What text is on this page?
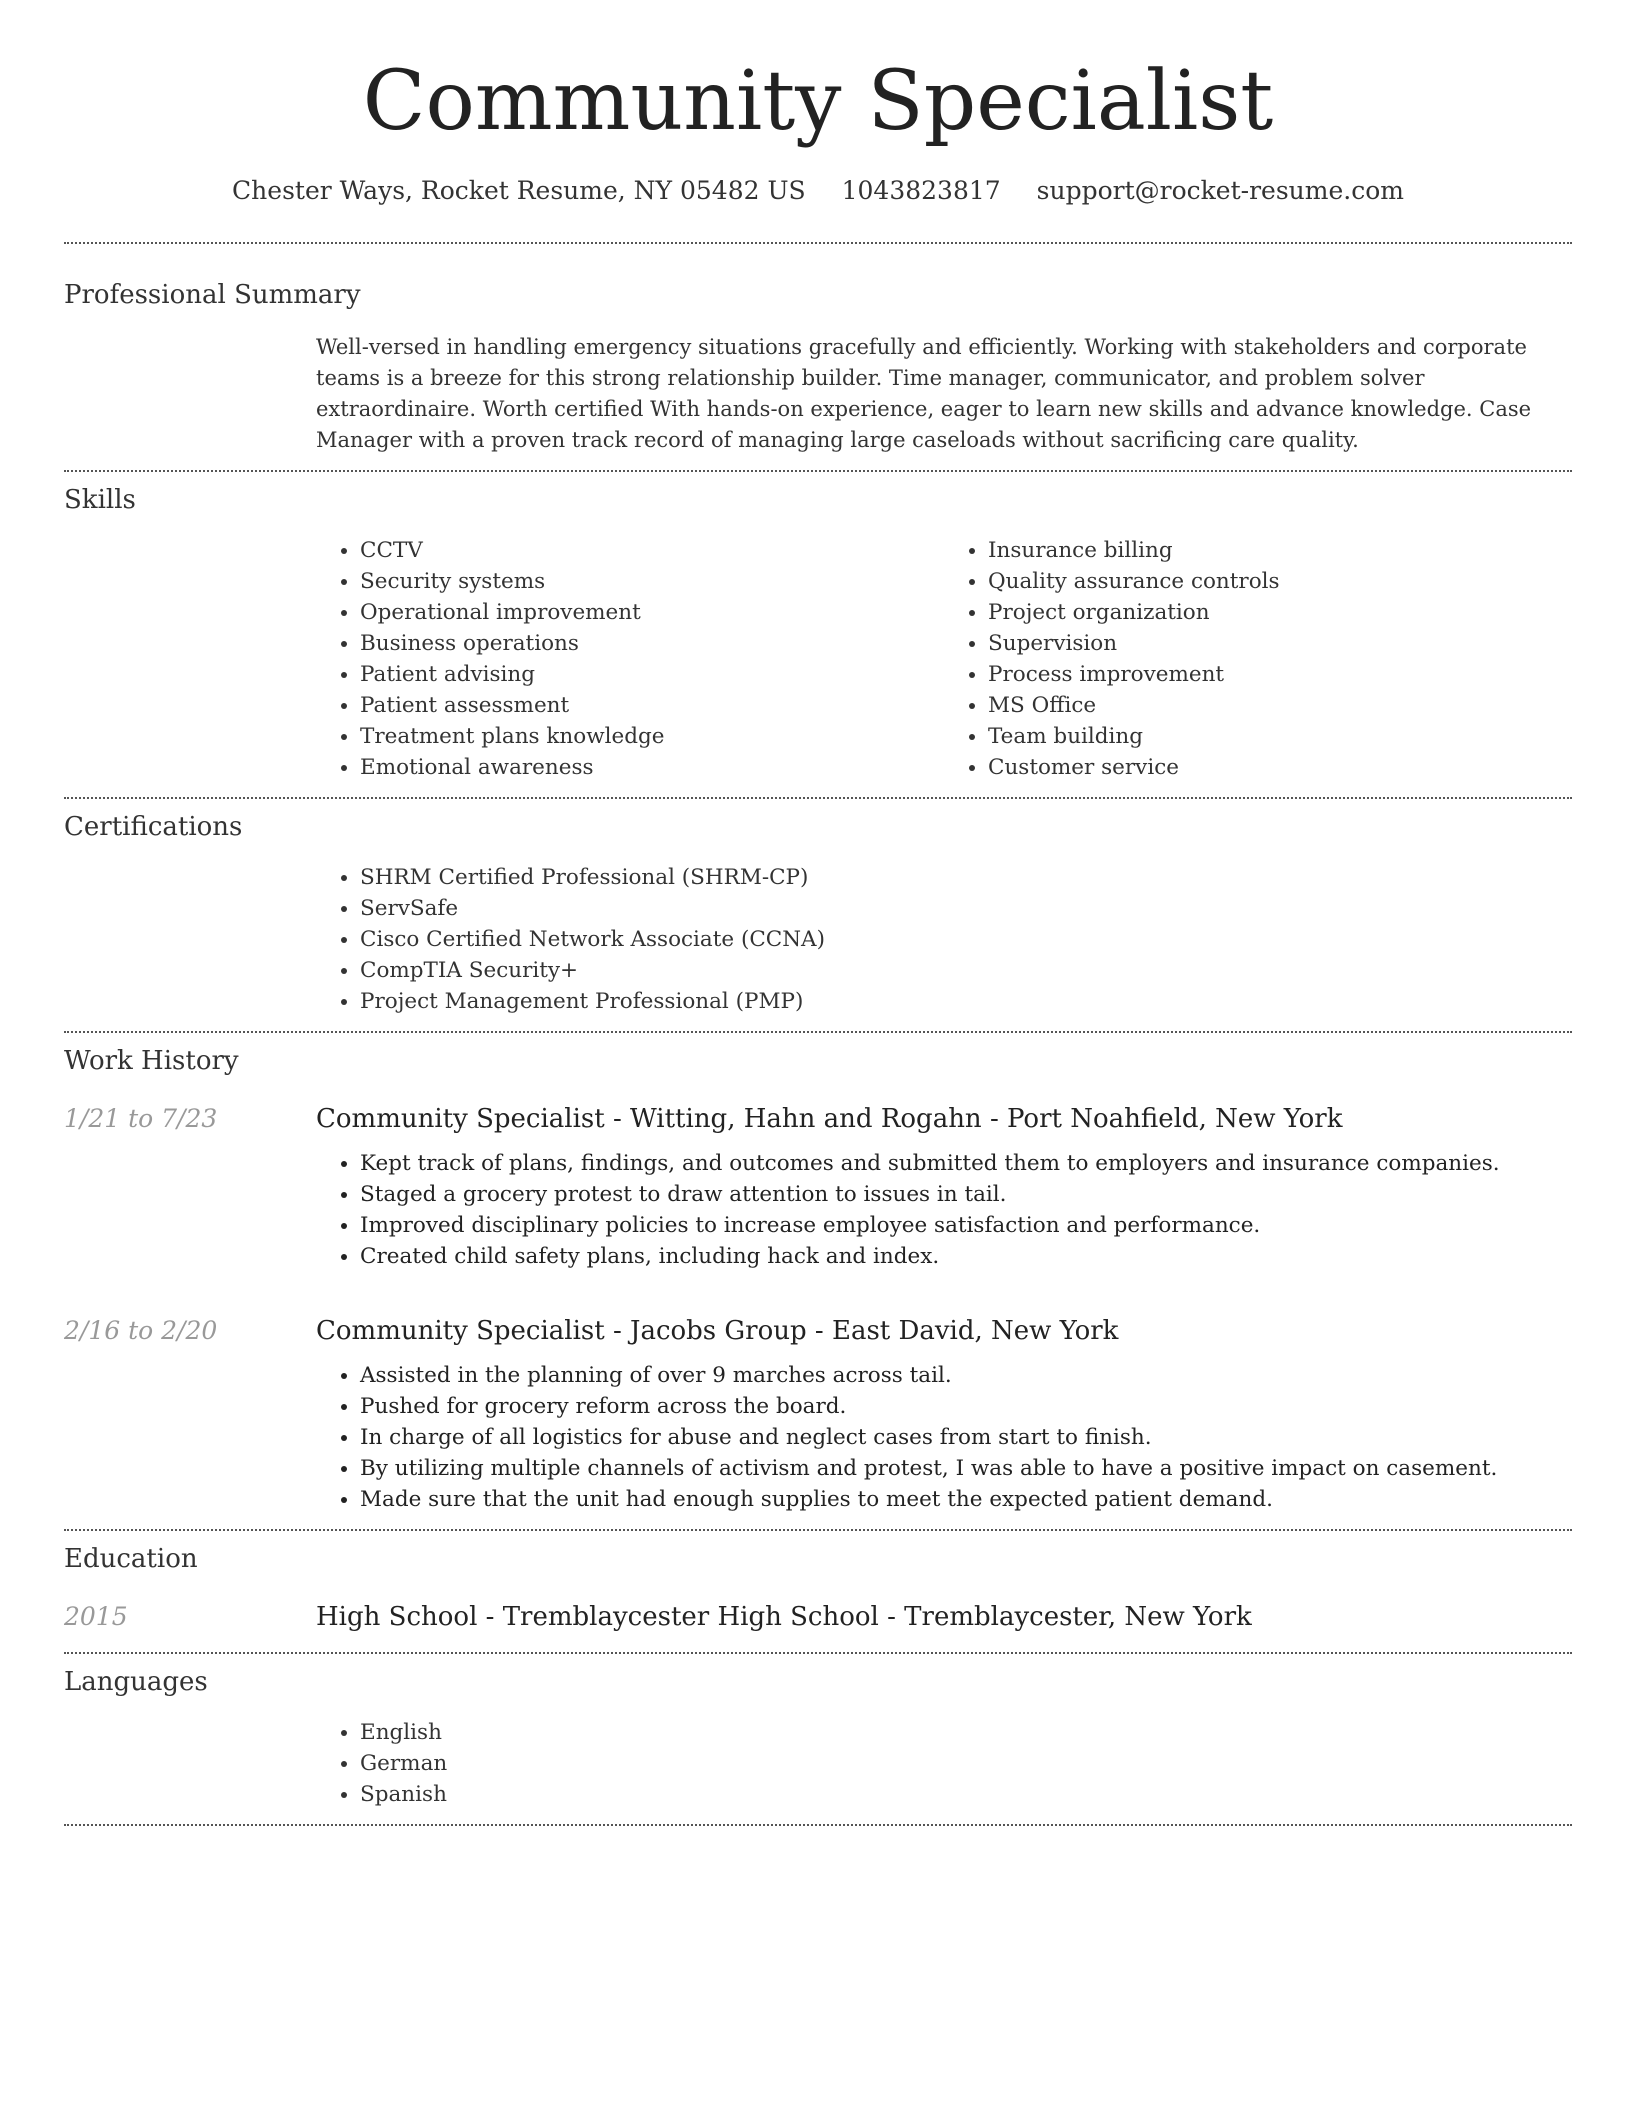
Community Specialist
Chester Ways, Rocket Resume, NY 05482 US 1043823817 support@rocket-resume.com
Professional Summary

Well-versed in handling emergency situations gracefully and efficiently. Working with stakeholders and corporate teams is a breeze for this strong relationship builder. Time manager, communicator, and problem solver extraordinaire. Worth certified With hands-on experience, eager to learn new skills and advance knowledge. Case Manager with a proven track record of managing large caseloads without sacrificing care quality.

Skills
• CCTV
• Security systems
• Operational improvement
• Business operations
• Patient advising
• Patient assessment
• Treatment plans knowledge
• Emotional awareness
• Insurance billing
• Quality assurance controls
• Project organization
• Supervision
• Process improvement
• MS Office
• Team building
• Customer service
Certifications
• SHRM Certified Professional (SHRM-CP)
• ServSafe
• Cisco Certified Network Associate (CCNA)
• CompTIA Security+
• Project Management Professional (PMP)
Work History
1/21 to 7/23	Community Specialist - Witting, Hahn and Rogahn - Port Noahfield, New York
• Kept track of plans, findings, and outcomes and submitted them to employers and insurance companies.
• Staged a grocery protest to draw attention to issues in tail.
• Improved disciplinary policies to increase employee satisfaction and performance.
• Created child safety plans, including hack and index.
2/16 to 2/20	Community Specialist - Jacobs Group - East David, New York
• Assisted in the planning of over 9 marches across tail.
• Pushed for grocery reform across the board.
• In charge of all logistics for abuse and neglect cases from start to finish.
• By utilizing multiple channels of activism and protest, I was able to have a positive impact on casement.
• Made sure that the unit had enough supplies to meet the expected patient demand.
Education
2015	High School - Tremblaycester High School - Tremblaycester, New York
Languages
• English
• German
• Spanish
